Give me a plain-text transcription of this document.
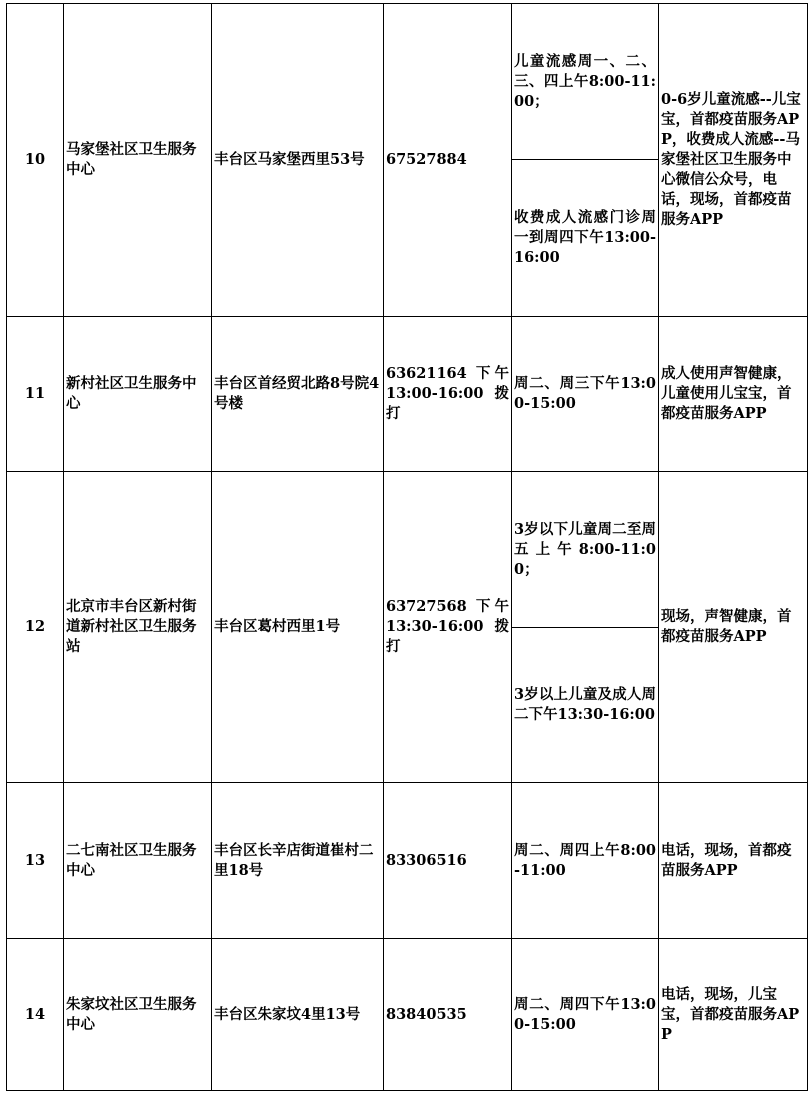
10	马家堡社区卫生服务中心	丰台区马家堡西里53号	67527884	儿童流感周一、二、三、四上午8:00-11:00；	0-6岁儿童流感--儿宝宝，首都疫苗服务APP，收费成人流感--马家堡社区卫生服务中心微信公众号，电话，现场，首都疫苗服务APP
				收费成人流感门诊周一到周四下午13:00-16:00	
11	新村社区卫生服务中心	丰台区首经贸北路8号院4号楼	63621164 下午13:00-16:00 拨打	周二、周三下午13:00-15:00	成人使用声智健康，儿童使用儿宝宝，首都疫苗服务APP
12	北京市丰台区新村街道新村社区卫生服务站	丰台区葛村西里1号	63727568 下午13:30-16:00 拨打	3岁以下儿童周二至周五上午8:00-11:00；	现场，声智健康，首都疫苗服务APP
				3岁以上儿童及成人周二下午13:30-16:00	
13	二七南社区卫生服务中心	丰台区长辛店街道崔村二里18号	83306516	周二、周四上午8:00-11:00	电话，现场，首都疫苗服务APP
14	朱家坟社区卫生服务中心	丰台区朱家坟4里13号	83840535	周二、周四下午13:00-15:00	电话，现场，儿宝宝，首都疫苗服务APP
